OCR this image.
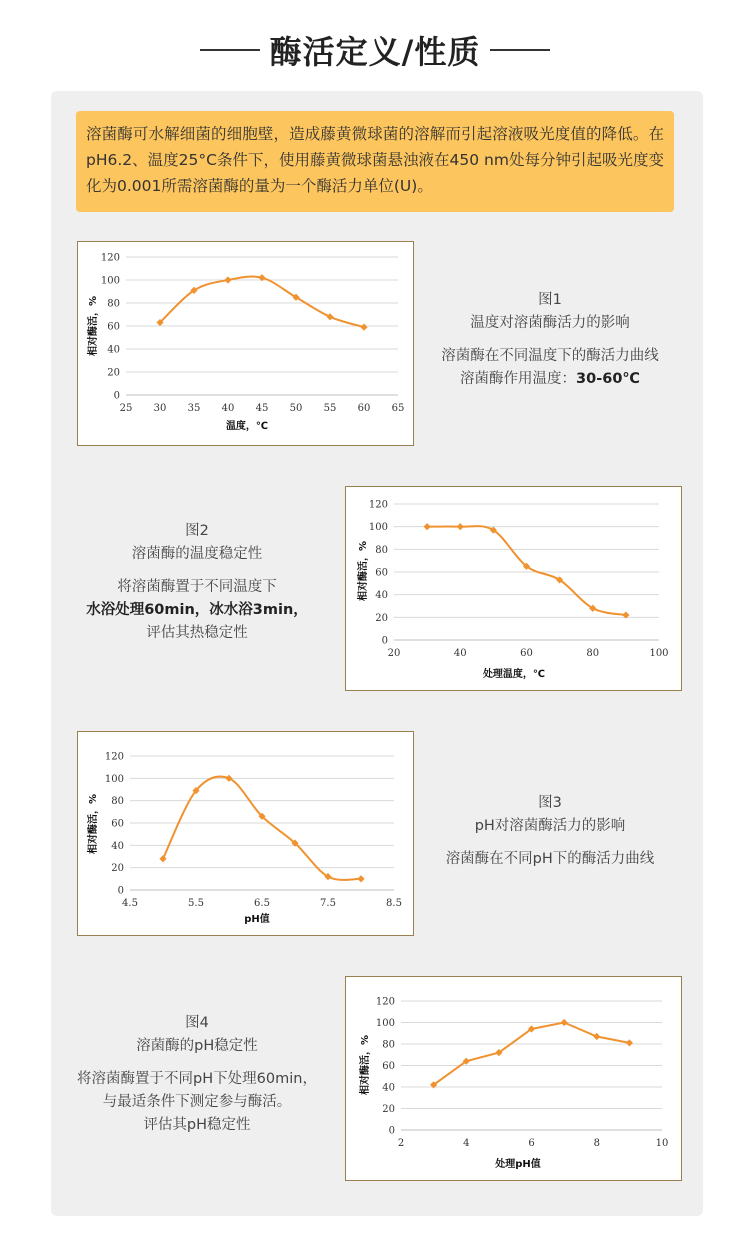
酶活定义/性质
溶菌酶可水解细菌的细胞壁，造成藤黄微球菌的溶解而引起溶液吸光度值的降低。在pH6.2、温度25°C条件下，使用藤黄微球菌悬浊液在450 nm处每分钟引起吸光度变化为0.001所需溶菌酶的量为一个酶活力单位(U)。
0
20
40
60
80
100
120
25 30 35 40 45 50 55 60 65
温度，℃
相对酶活，%	图1
温度对溶菌酶活力的影响
溶菌酶在不同温度下的酶活力曲线
溶菌酶作用温度：30-60℃
图2
溶菌酶的温度稳定性
将溶菌酶置于不同温度下
水浴处理60min，冰水浴3min，
评估其热稳定性	0
20
40
60
80
100
120
20	40	60	80	100
处理温度，℃
相对酶活，%
0
20
40
60
80
100
120
4.5	5.5	6.5	7.5	8.5
pH值
相对酶活，%	图3
pH对溶菌酶活力的影响
溶菌酶在不同pH下的酶活力曲线
图4
溶菌酶的pH稳定性
将溶菌酶置于不同pH下处理60min，
与最适条件下测定参与酶活。
评估其pH稳定性	0
20
40
60
80
100
120
2	4	6	8	10
处理pH值
相对酶活，%
